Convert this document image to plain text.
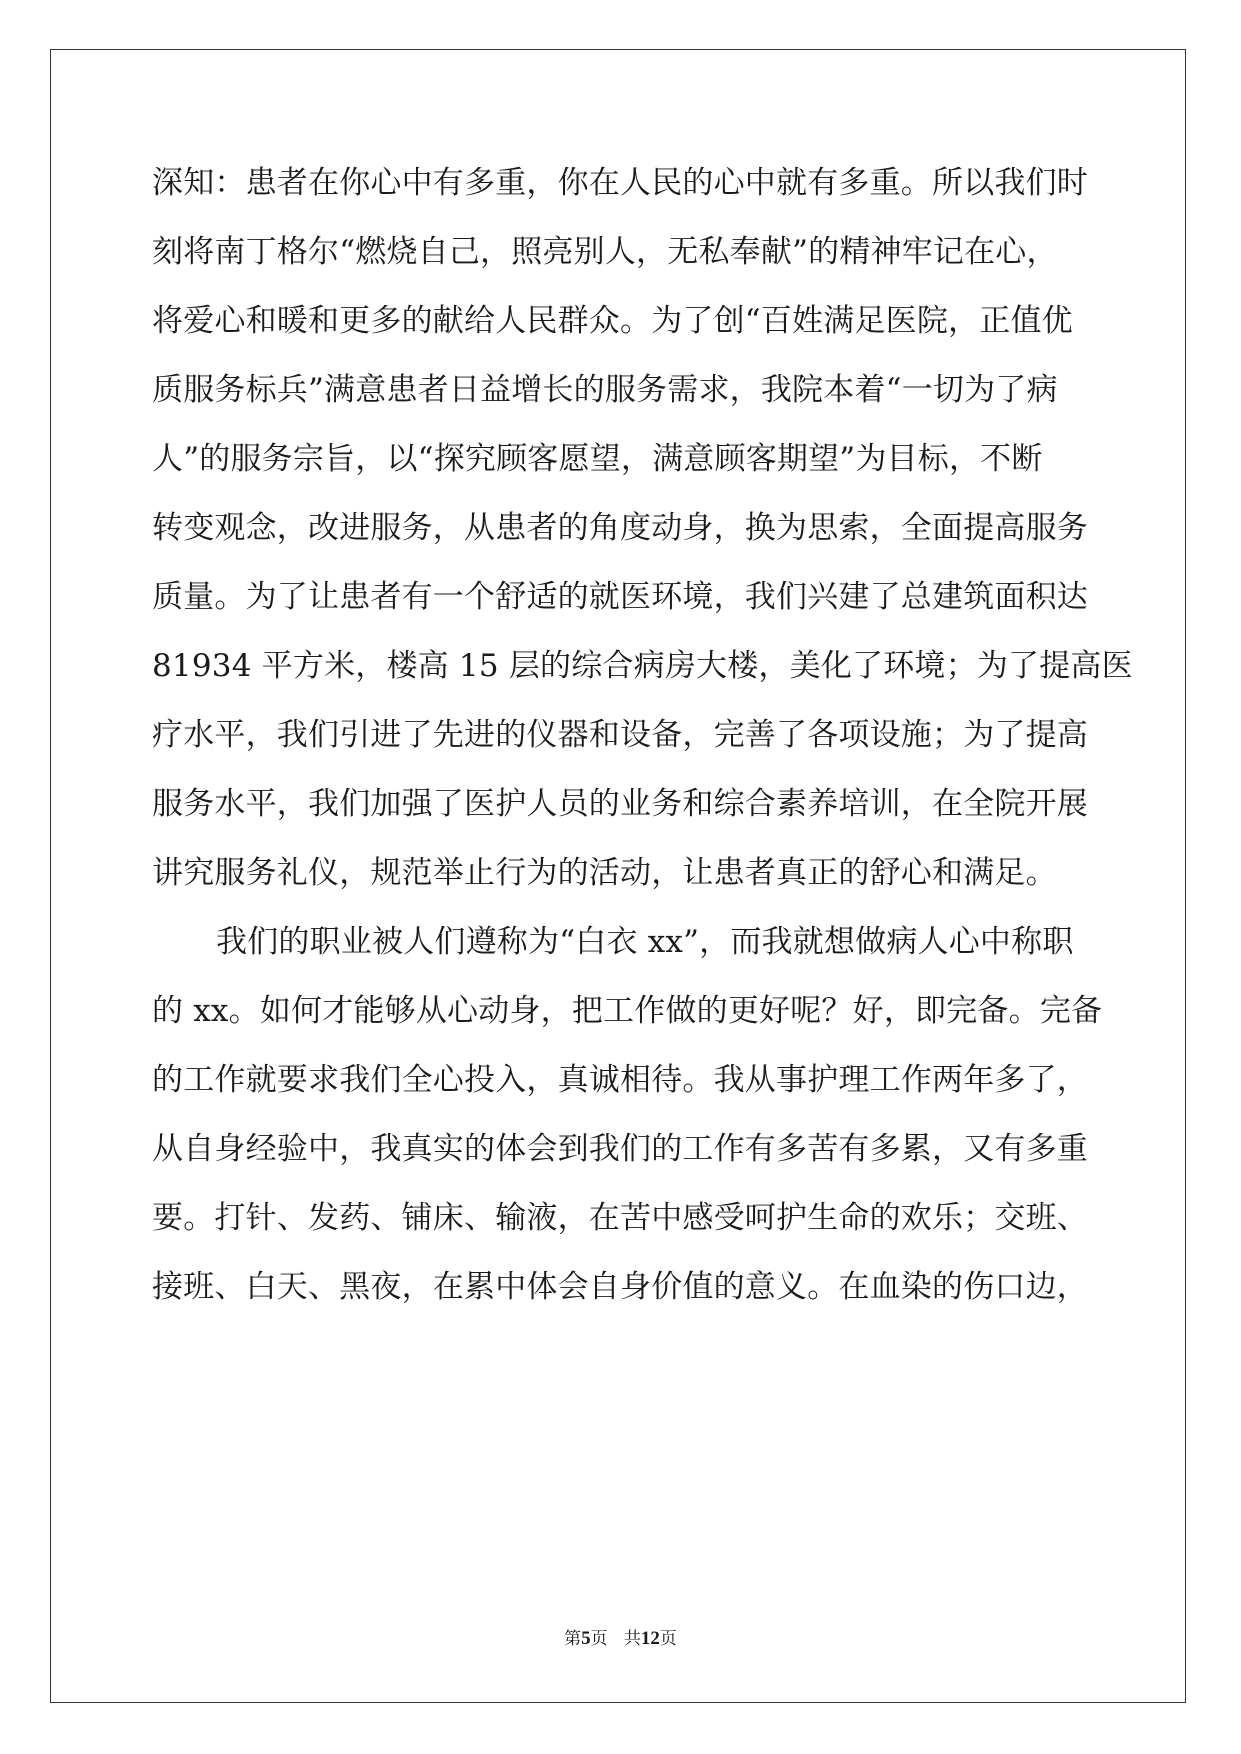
深知：患者在你心中有多重，你在人民的心中就有多重。所以我们时
刻将南丁格尔“燃烧自己，照亮别人，无私奉献”的精神牢记在心，
将爱心和暖和更多的献给人民群众。为了创“百姓满足医院，正值优
质服务标兵”满意患者日益增长的服务需求，我院本着“一切为了病
人”的服务宗旨，以“探究顾客愿望，满意顾客期望”为目标，不断
转变观念，改进服务，从患者的角度动身，换为思索，全面提高服务
质量。为了让患者有一个舒适的就医环境，我们兴建了总建筑面积达
81934 平方米，楼高 15 层的综合病房大楼，美化了环境；为了提高医
疗水平，我们引进了先进的仪器和设备，完善了各项设施；为了提高
服务水平，我们加强了医护人员的业务和综合素养培训，在全院开展
讲究服务礼仪，规范举止行为的活动，让患者真正的舒心和满足。
我们的职业被人们遵称为“白衣 xx”，而我就想做病人心中称职
的 xx。如何才能够从心动身，把工作做的更好呢？好，即完备。完备
的工作就要求我们全心投入，真诚相待。我从事护理工作两年多了，
从自身经验中，我真实的体会到我们的工作有多苦有多累，又有多重
要。打针、发药、铺床、输液，在苦中感受呵护生命的欢乐；交班、
接班、白天、黑夜，在累中体会自身价值的意义。在血染的伤口边，
第5页   共12页
